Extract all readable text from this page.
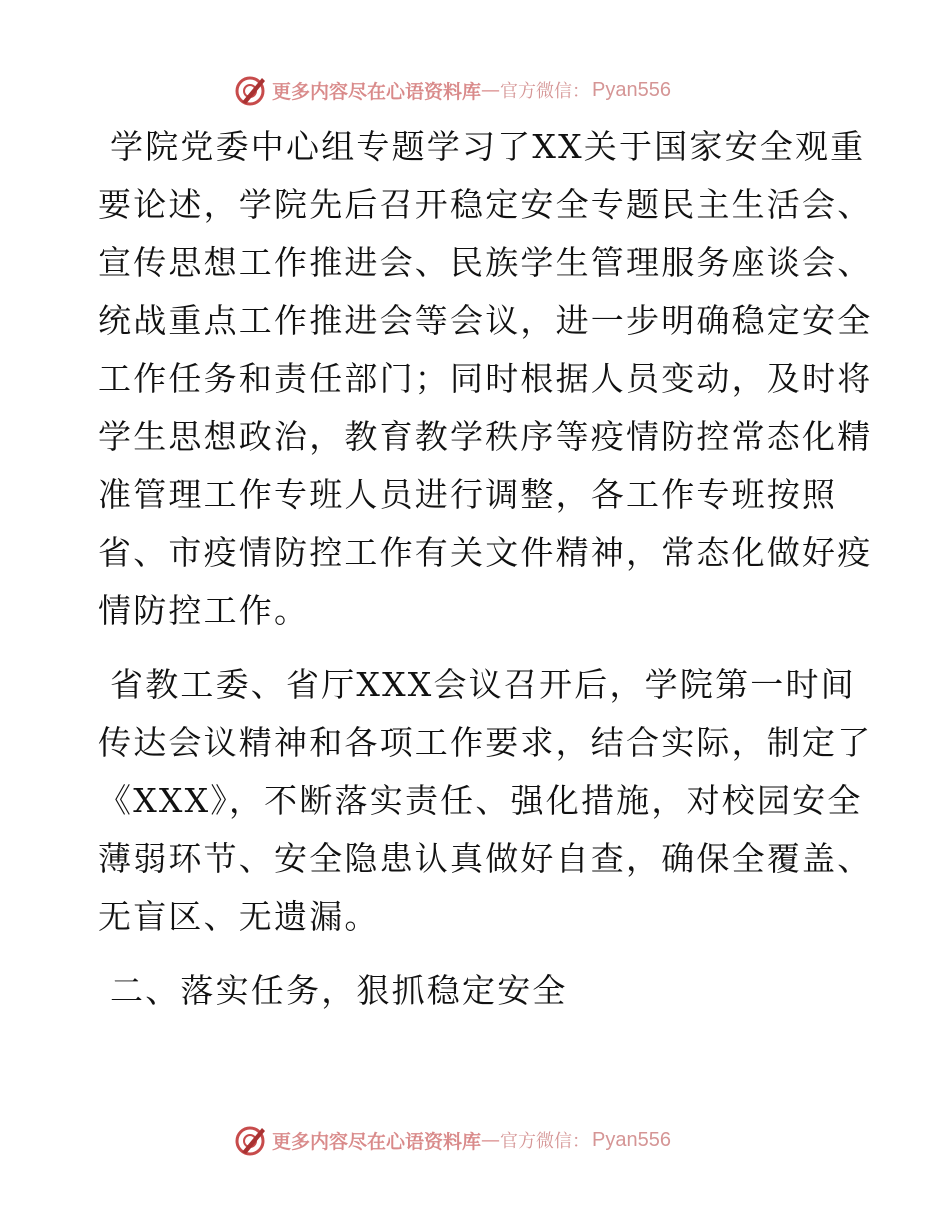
更多内容尽在心语资料库 — 官方微信： Pyan556
学院党委中心组专题学习了XX关于国家安全观重
要论述，学院先后召开稳定安全专题民主生活会、
宣传思想工作推进会、民族学生管理服务座谈会、
统战重点工作推进会等会议，进一步明确稳定安全
工作任务和责任部门；同时根据人员变动，及时将
学生思想政治，教育教学秩序等疫情防控常态化精
准管理工作专班人员进行调整，各工作专班按照
省、市疫情防控工作有关文件精神，常态化做好疫
情防控工作。
省教工委、省厅XXX会议召开后，学院第一时间
传达会议精神和各项工作要求，结合实际，制定了
《XXX》，不断落实责任、强化措施，对校园安全
薄弱环节、安全隐患认真做好自查，确保全覆盖、
无盲区、无遗漏。
二、落实任务，狠抓稳定安全
更多内容尽在心语资料库 — 官方微信： Pyan556
